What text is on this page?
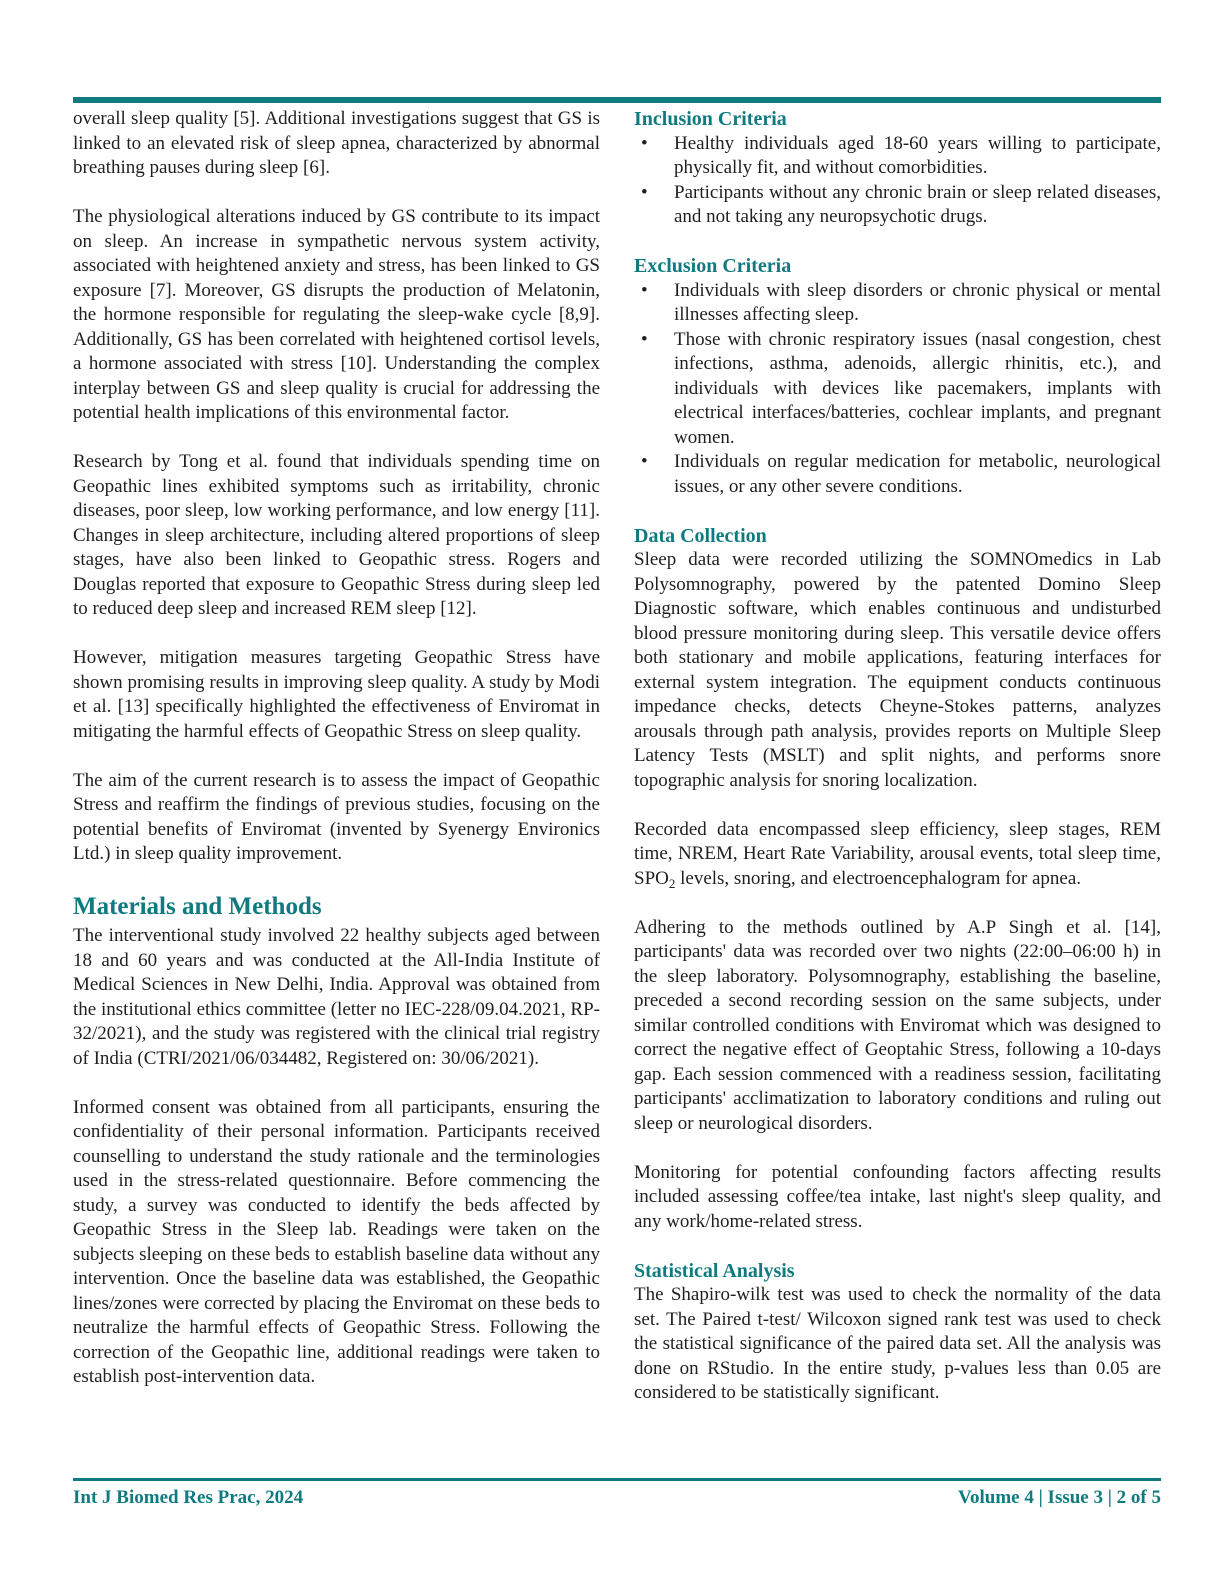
overall sleep quality [5]. Additional investigations suggest that GS is linked to an elevated risk of sleep apnea, characterized by abnormal breathing pauses during sleep [6].

The physiological alterations induced by GS contribute to its impact on sleep. An increase in sympathetic nervous system activity, associated with heightened anxiety and stress, has been linked to GS exposure [7]. Moreover, GS disrupts the production of Melatonin, the hormone responsible for regulating the sleep-wake cycle [8,9]. Additionally, GS has been correlated with heightened cortisol levels, a hormone associated with stress [10]. Understanding the complex interplay between GS and sleep quality is crucial for addressing the potential health implications of this environmental factor.

Research by Tong et al. found that individuals spending time on Geopathic lines exhibited symptoms such as irritability, chronic diseases, poor sleep, low working performance, and low energy [11]. Changes in sleep architecture, including altered proportions of sleep stages, have also been linked to Geopathic stress. Rogers and Douglas reported that exposure to Geopathic Stress during sleep led to reduced deep sleep and increased REM sleep [12].

However, mitigation measures targeting Geopathic Stress have shown promising results in improving sleep quality. A study by Modi et al. [13] specifically highlighted the effectiveness of Enviromat in mitigating the harmful effects of Geopathic Stress on sleep quality.

The aim of the current research is to assess the impact of Geopathic Stress and reaffirm the findings of previous studies, focusing on the potential benefits of Enviromat (invented by Syenergy Environics Ltd.) in sleep quality improvement.

Materials and Methods

The interventional study involved 22 healthy subjects aged between 18 and 60 years and was conducted at the All-India Institute of Medical Sciences in New Delhi, India. Approval was obtained from the institutional ethics committee (letter no IEC-228/09.04.2021, RP-32/2021), and the study was registered with the clinical trial registry of India (CTRI/2021/06/034482, Registered on: 30/06/2021).

Informed consent was obtained from all participants, ensuring the confidentiality of their personal information. Participants received counselling to understand the study rationale and the terminologies used in the stress-related questionnaire. Before commencing the study, a survey was conducted to identify the beds affected by Geopathic Stress in the Sleep lab. Readings were taken on the subjects sleeping on these beds to establish baseline data without any intervention. Once the baseline data was established, the Geopathic lines/zones were corrected by placing the Enviromat on these beds to neutralize the harmful effects of Geopathic Stress. Following the correction of the Geopathic line, additional readings were taken to establish post-intervention data.

Inclusion Criteria
• Healthy individuals aged 18-60 years willing to participate, physically fit, and without comorbidities.
• Participants without any chronic brain or sleep related diseases, and not taking any neuropsychotic drugs.
Exclusion Criteria
• Individuals with sleep disorders or chronic physical or mental illnesses affecting sleep.
• Those with chronic respiratory issues (nasal congestion, chest infections, asthma, adenoids, allergic rhinitis, etc.), and individuals with devices like pacemakers, implants with electrical interfaces/batteries, cochlear implants, and pregnant women.
• Individuals on regular medication for metabolic, neurological issues, or any other severe conditions.
Data Collection

Sleep data were recorded utilizing the SOMNOmedics in Lab Polysomnography, powered by the patented Domino Sleep Diagnostic software, which enables continuous and undisturbed blood pressure monitoring during sleep. This versatile device offers both stationary and mobile applications, featuring interfaces for external system integration. The equipment conducts continuous impedance checks, detects Cheyne-Stokes patterns, analyzes arousals through path analysis, provides reports on Multiple Sleep Latency Tests (MSLT) and split nights, and performs snore topographic analysis for snoring localization.

Recorded data encompassed sleep efficiency, sleep stages, REM time, NREM, Heart Rate Variability, arousal events, total sleep time, $SPO_2$ levels, snoring, and electroencephalogram for apnea.

Adhering to the methods outlined by A.P Singh et al. [14], participants' data was recorded over two nights (22:00–06:00 h) in the sleep laboratory. Polysomnography, establishing the baseline, preceded a second recording session on the same subjects, under similar controlled conditions with Enviromat which was designed to correct the negative effect of Geoptahic Stress, following a 10-days gap. Each session commenced with a readiness session, facilitating participants' acclimatization to laboratory conditions and ruling out sleep or neurological disorders.

Monitoring for potential confounding factors affecting results included assessing coffee/tea intake, last night's sleep quality, and any work/home-related stress.

Statistical Analysis

The Shapiro-wilk test was used to check the normality of the data set. The Paired t-test/ Wilcoxon signed rank test was used to check the statistical significance of the paired data set. All the analysis was done on RStudio. In the entire study, p-values less than 0.05 are considered to be statistically significant.

Int J Biomed Res Prac, 2024	Volume 4 | Issue 3 | 2 of 5
